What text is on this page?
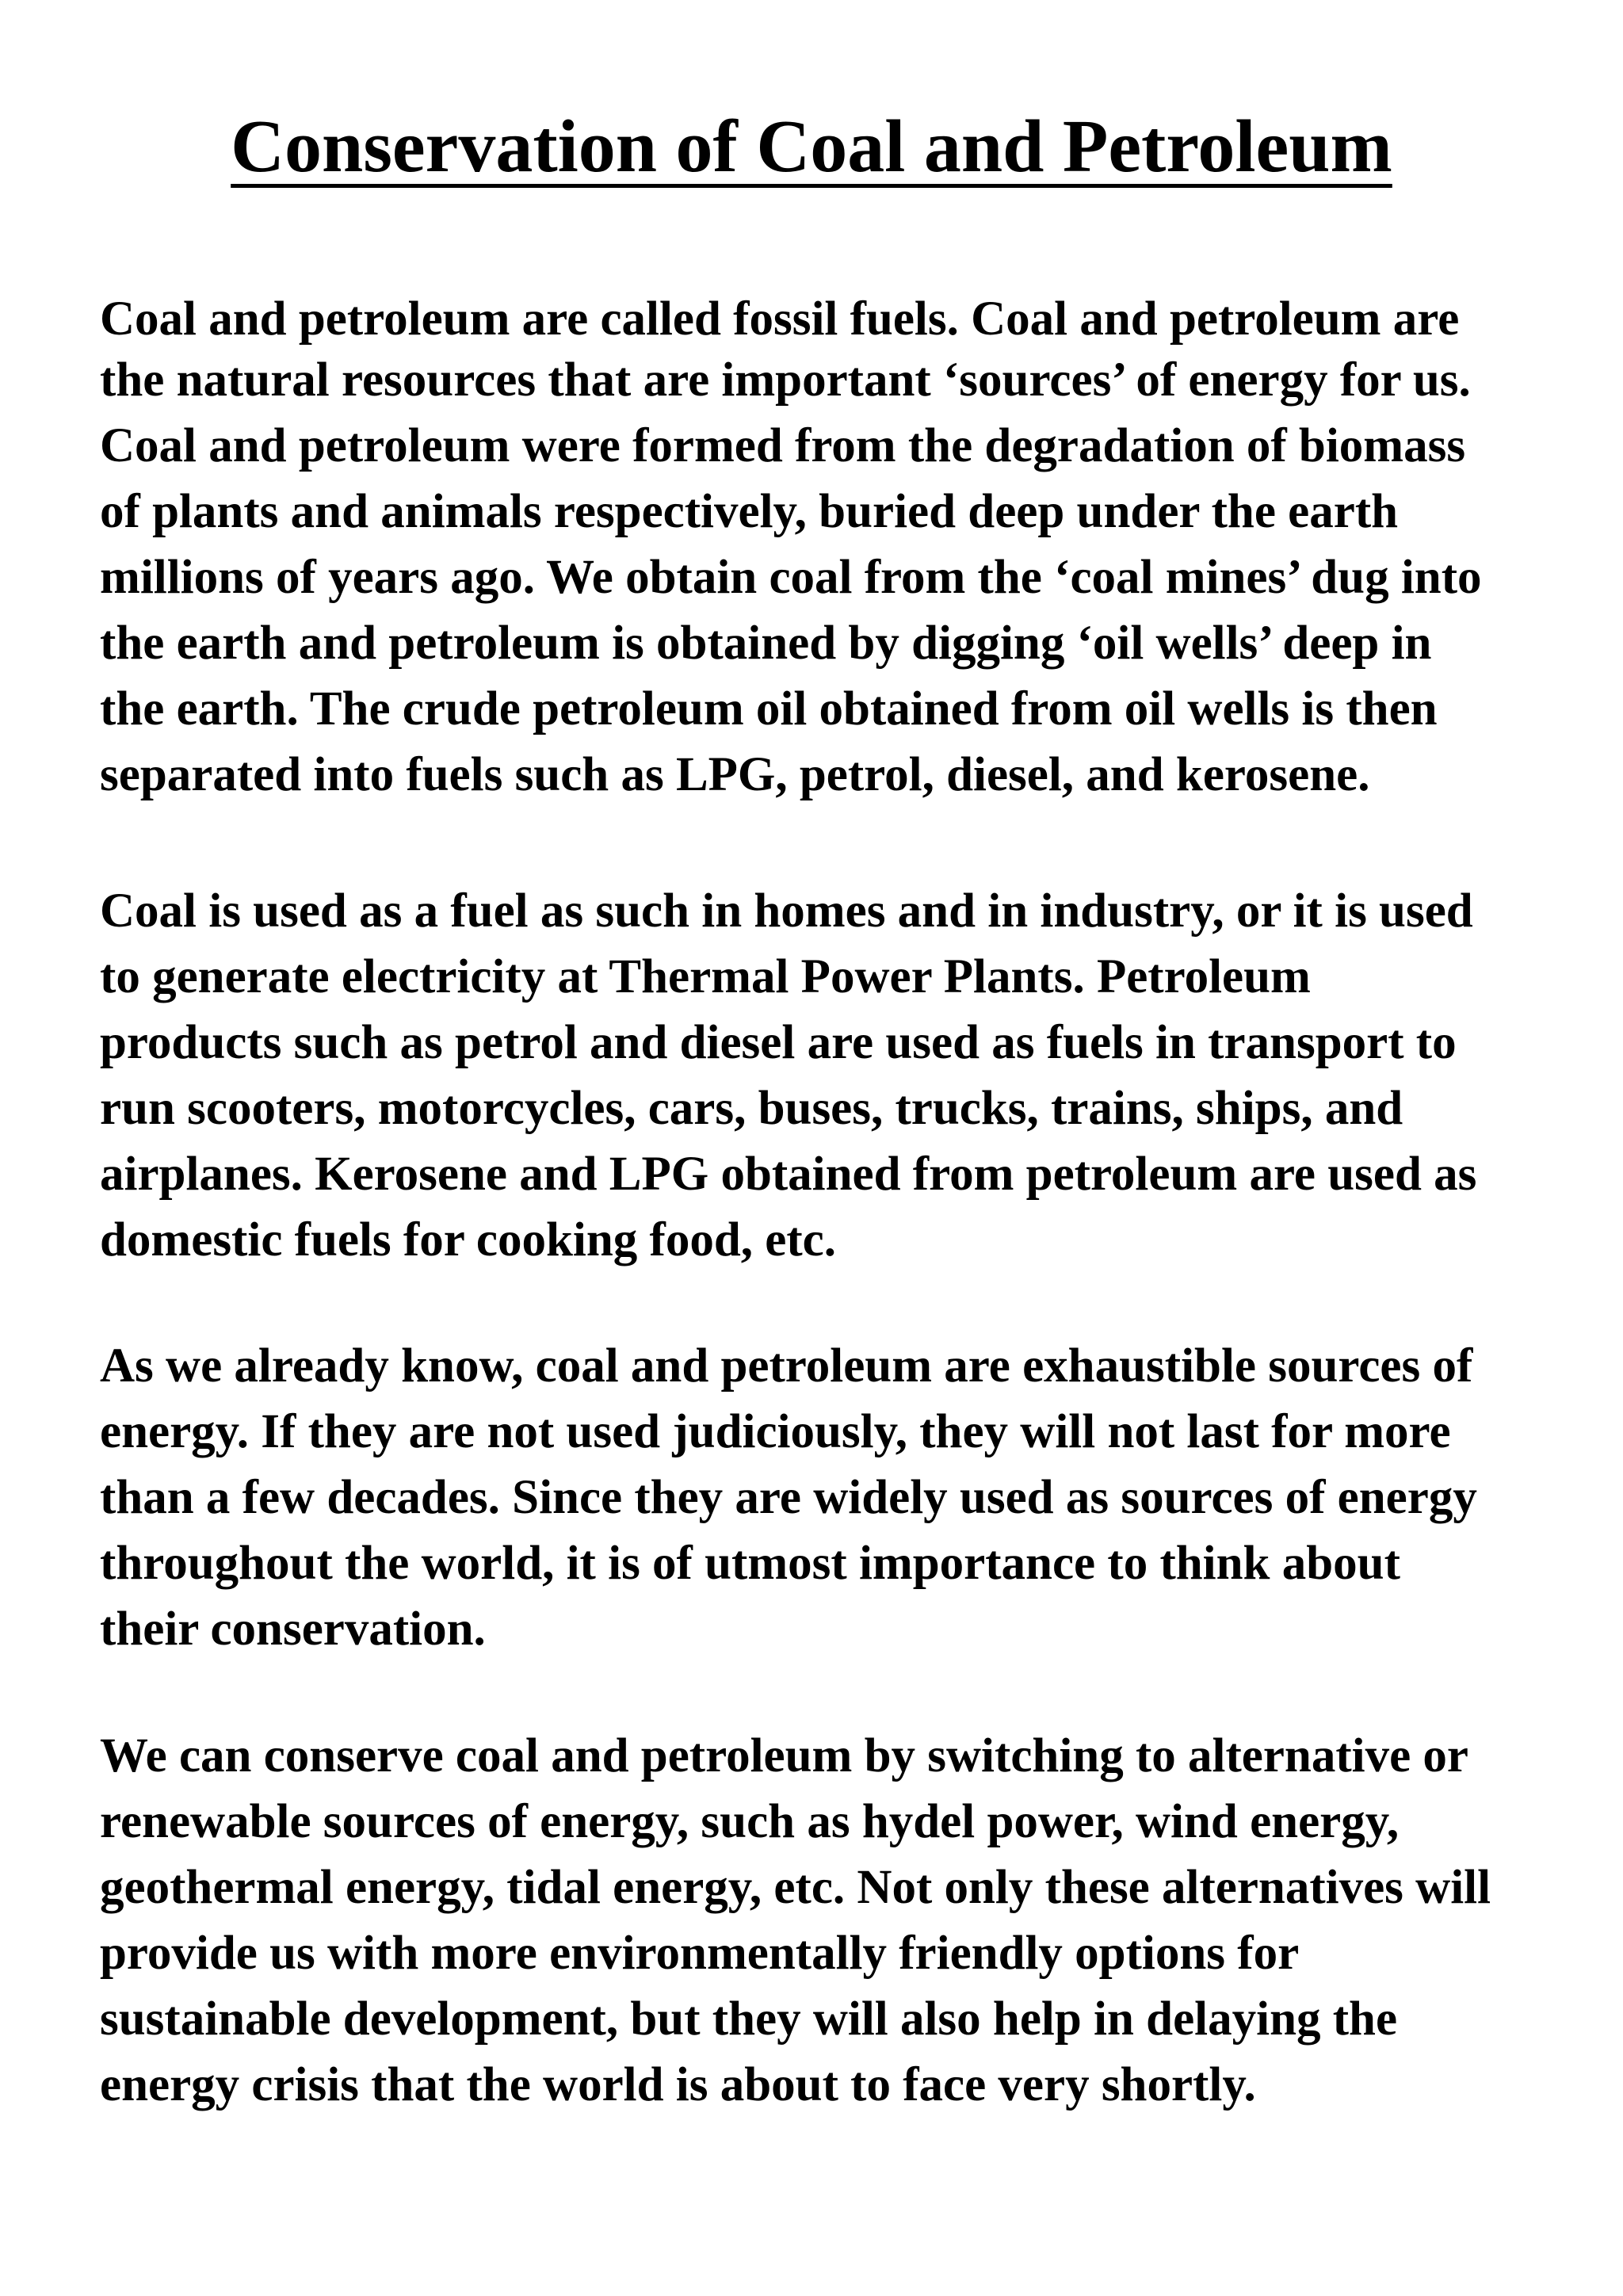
Conservation of Coal and Petroleum
Coal and petroleum are called fossil fuels. Coal and petroleum are
the natural resources that are important ‘sources’ of energy for us.
Coal and petroleum were formed from the degradation of biomass
of plants and animals respectively, buried deep under the earth
millions of years ago. We obtain coal from the ‘coal mines’ dug into
the earth and petroleum is obtained by digging ‘oil wells’ deep in
the earth. The crude petroleum oil obtained from oil wells is then
separated into fuels such as LPG, petrol, diesel, and kerosene.
Coal is used as a fuel as such in homes and in industry, or it is used
to generate electricity at Thermal Power Plants. Petroleum
products such as petrol and diesel are used as fuels in transport to
run scooters, motorcycles, cars, buses, trucks, trains, ships, and
airplanes. Kerosene and LPG obtained from petroleum are used as
domestic fuels for cooking food, etc.
As we already know, coal and petroleum are exhaustible sources of
energy. If they are not used judiciously, they will not last for more
than a few decades. Since they are widely used as sources of energy
throughout the world, it is of utmost importance to think about
their conservation.
We can conserve coal and petroleum by switching to alternative or
renewable sources of energy, such as hydel power, wind energy,
geothermal energy, tidal energy, etc. Not only these alternatives will
provide us with more environmentally friendly options for
sustainable development, but they will also help in delaying the
energy crisis that the world is about to face very shortly.
